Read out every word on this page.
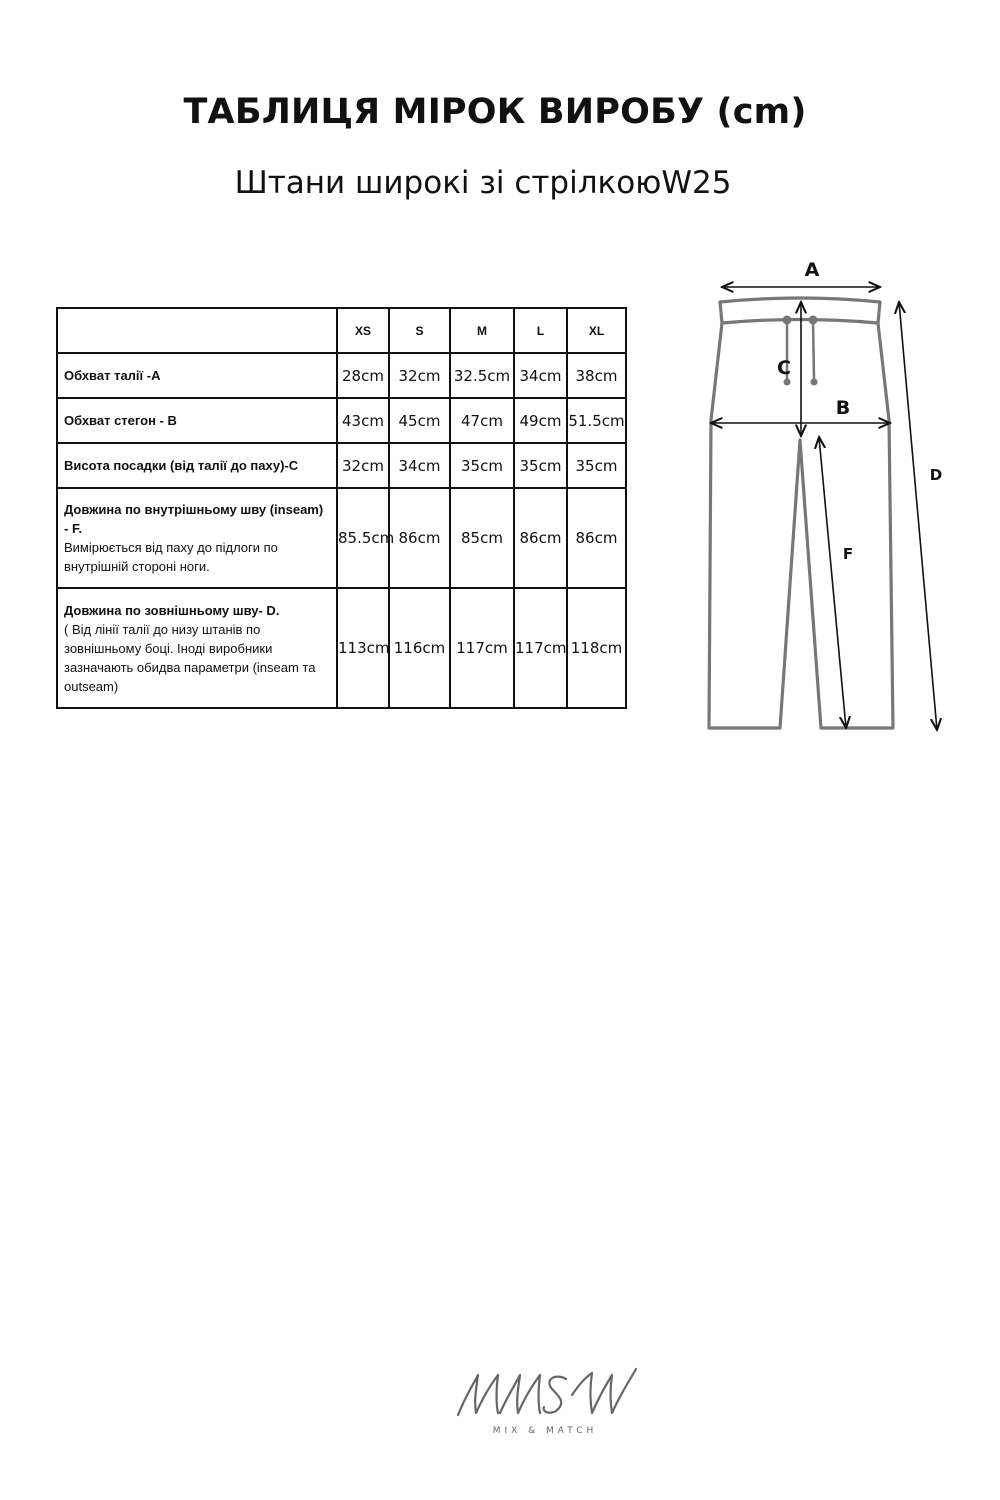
ТАБЛИЦЯ МІРОК ВИРОБУ (cm)
Штани широкі зі стрілкоюW25
	XS	S	M	L	XL
Обхват талії -А	28cm	32cm	32.5cm	34cm	38cm
Обхват стегон - В	43cm	45cm	47cm	49cm	51.5cm
Висота посадки (від талії до паху)-С	32cm	34cm	35cm	35cm	35cm
Довжина по внутрішньому шву (inseam) - F.
Вимірюється від паху до підлоги по внутрішній стороні ноги.	85.5cm	86cm	85cm	86cm	86cm
Довжина по зовнішньому шву- D.
( Від лінії талії до низу штанів по зовнішньому боці. Іноді виробники зазначають обидва параметри (inseam та outseam)	113cm	116cm	117cm	117cm	118cm
A
C
B
D
F
MIX & MATCH
